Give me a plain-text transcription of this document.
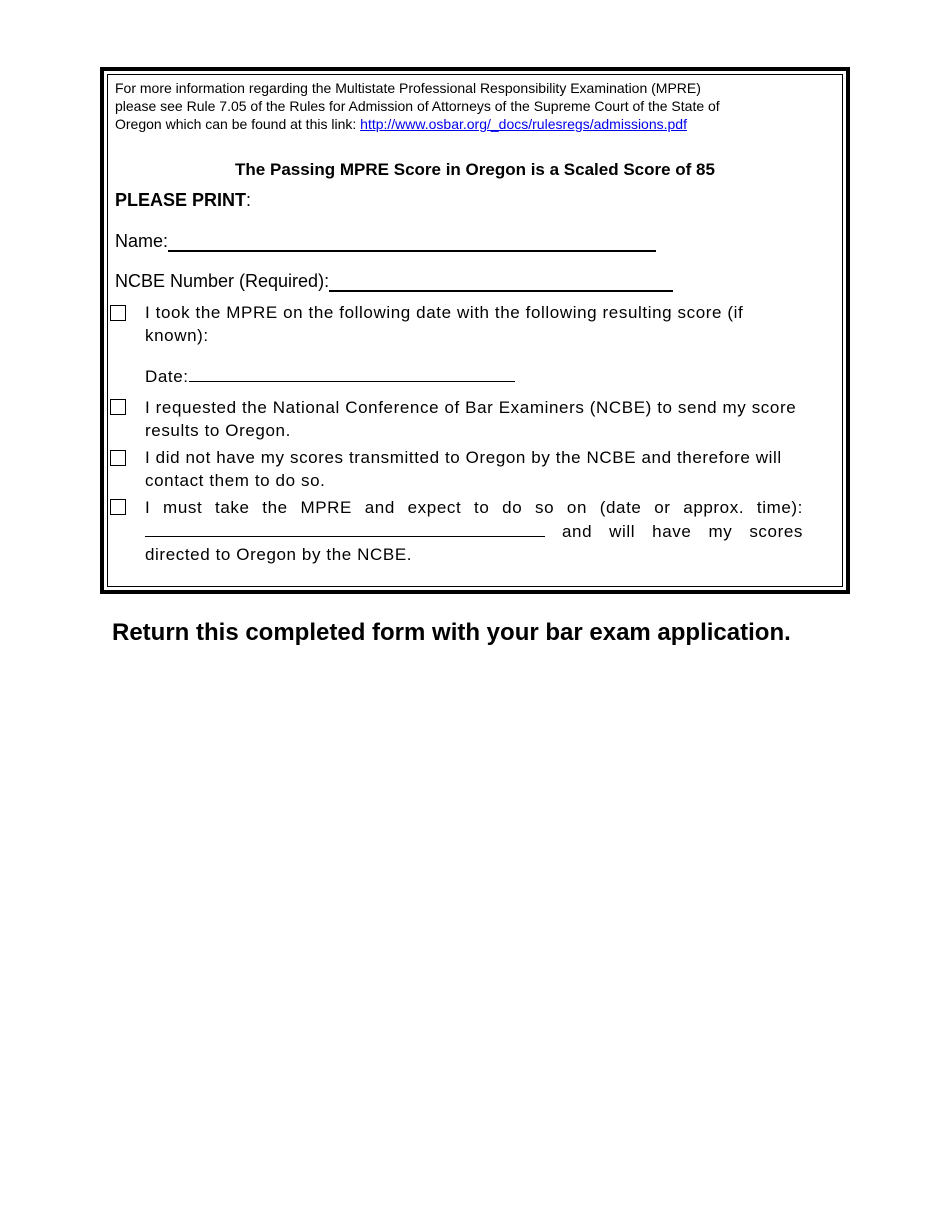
For more information regarding the Multistate Professional Responsibility Examination (MPRE)
please see Rule 7.05 of the Rules for Admission of Attorneys of the Supreme Court of the State of
Oregon which can be found at this link: http://www.osbar.org/_docs/rulesregs/admissions.pdf
The Passing MPRE Score in Oregon is a Scaled Score of 85
PLEASE PRINT:
Name:
NCBE Number (Required):
I took the MPRE on the following date with the following resulting score (if known):
Date:
I requested the National Conference of Bar Examiners (NCBE) to send my score results to Oregon.
I did not have my scores transmitted to Oregon by the NCBE and therefore will contact them to do so.
I must take the MPRE and expect to do so on (date or approx. time): and will have my scores directed to Oregon by the NCBE.
Return this completed form with your bar exam application.
